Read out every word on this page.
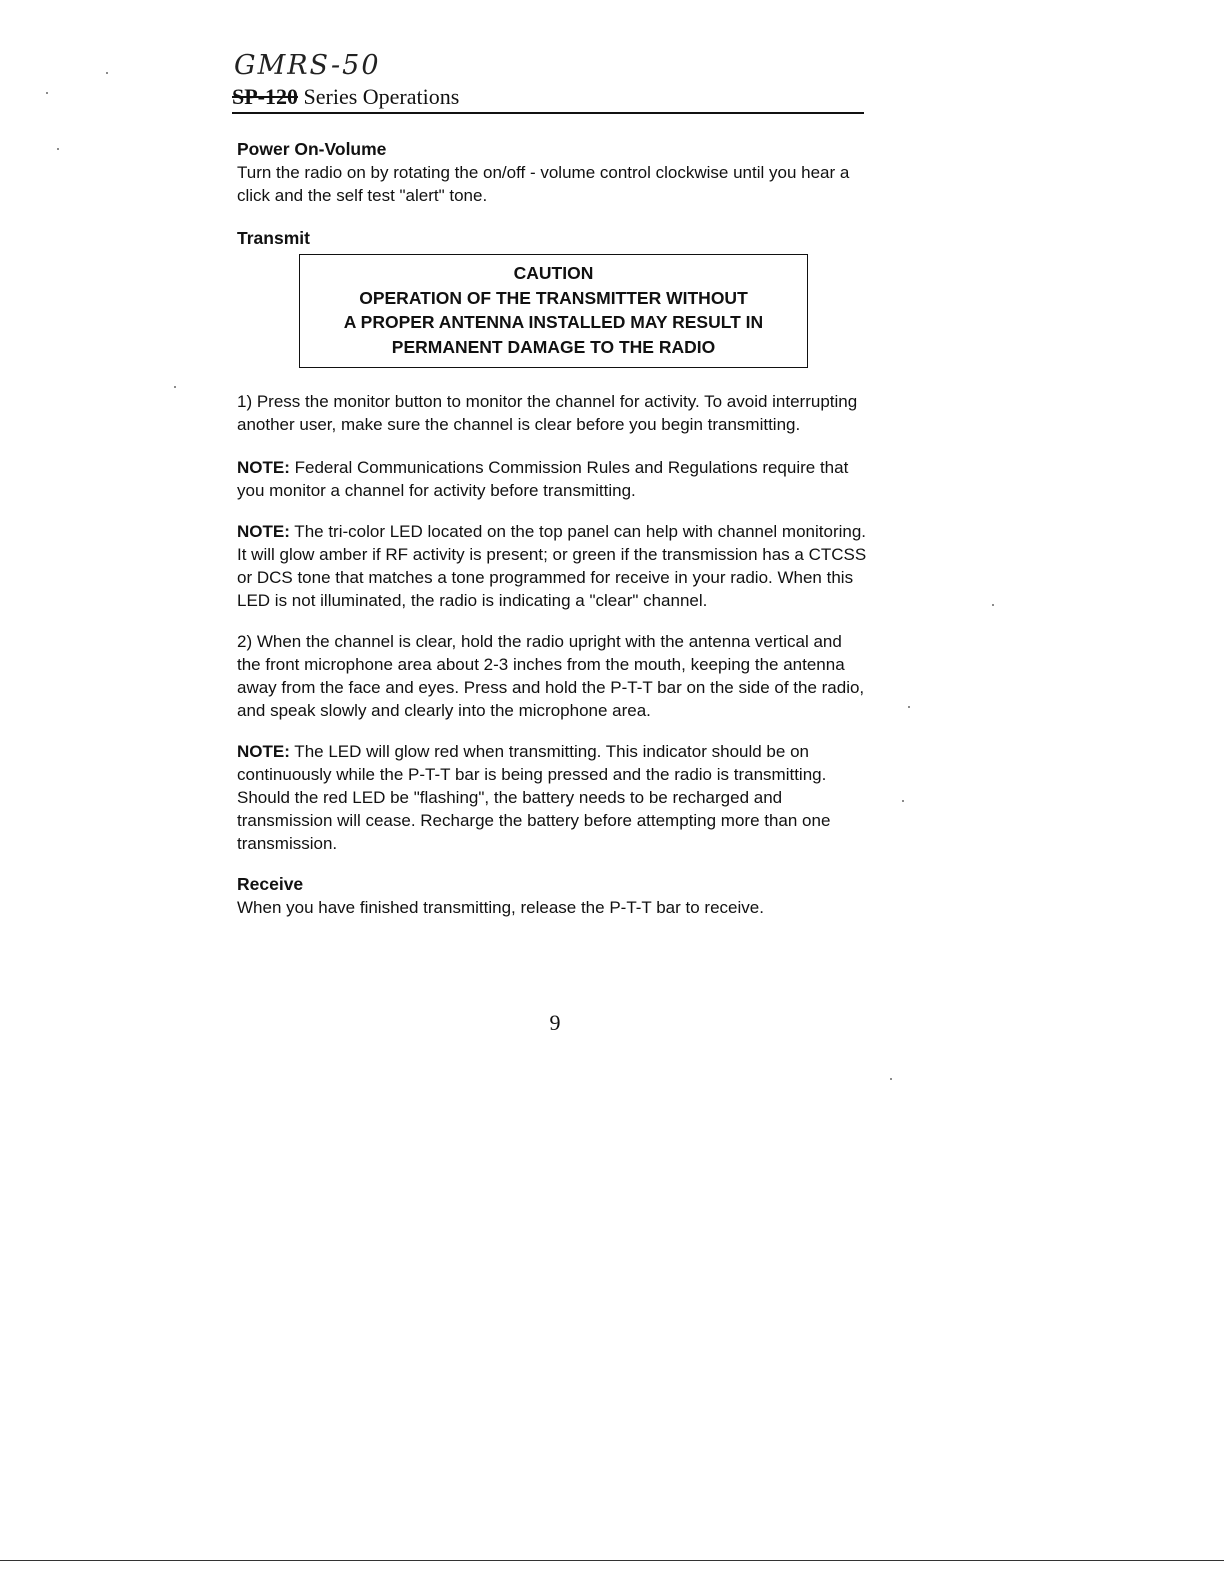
GMRS-50
SP-120 Series Operations

Power On-Volume

Turn the radio on by rotating the on/off - volume control clockwise until you hear a click and the self test "alert" tone.

Transmit

CAUTION
OPERATION OF THE TRANSMITTER WITHOUT
A PROPER ANTENNA INSTALLED MAY RESULT IN
PERMANENT DAMAGE TO THE RADIO

1) Press the monitor button to monitor the channel for activity. To avoid interrupting another user, make sure the channel is clear before you begin transmitting.

NOTE: Federal Communications Commission Rules and Regulations require that you monitor a channel for activity before transmitting.

NOTE: The tri-color LED located on the top panel can help with channel monitoring. It will glow amber if RF activity is present; or green if the transmission has a CTCSS or DCS tone that matches a tone programmed for receive in your radio. When this LED is not illuminated, the radio is indicating a "clear" channel.

2) When the channel is clear, hold the radio upright with the antenna vertical and the front microphone area about 2-3 inches from the mouth, keeping the antenna away from the face and eyes. Press and hold the P-T-T bar on the side of the radio, and speak slowly and clearly into the microphone area.

NOTE: The LED will glow red when transmitting. This indicator should be on continuously while the P-T-T bar is being pressed and the radio is transmitting. Should the red LED be "flashing", the battery needs to be recharged and transmission will cease. Recharge the battery before attempting more than one transmission.

Receive

When you have finished transmitting, release the P-T-T bar to receive.

9
